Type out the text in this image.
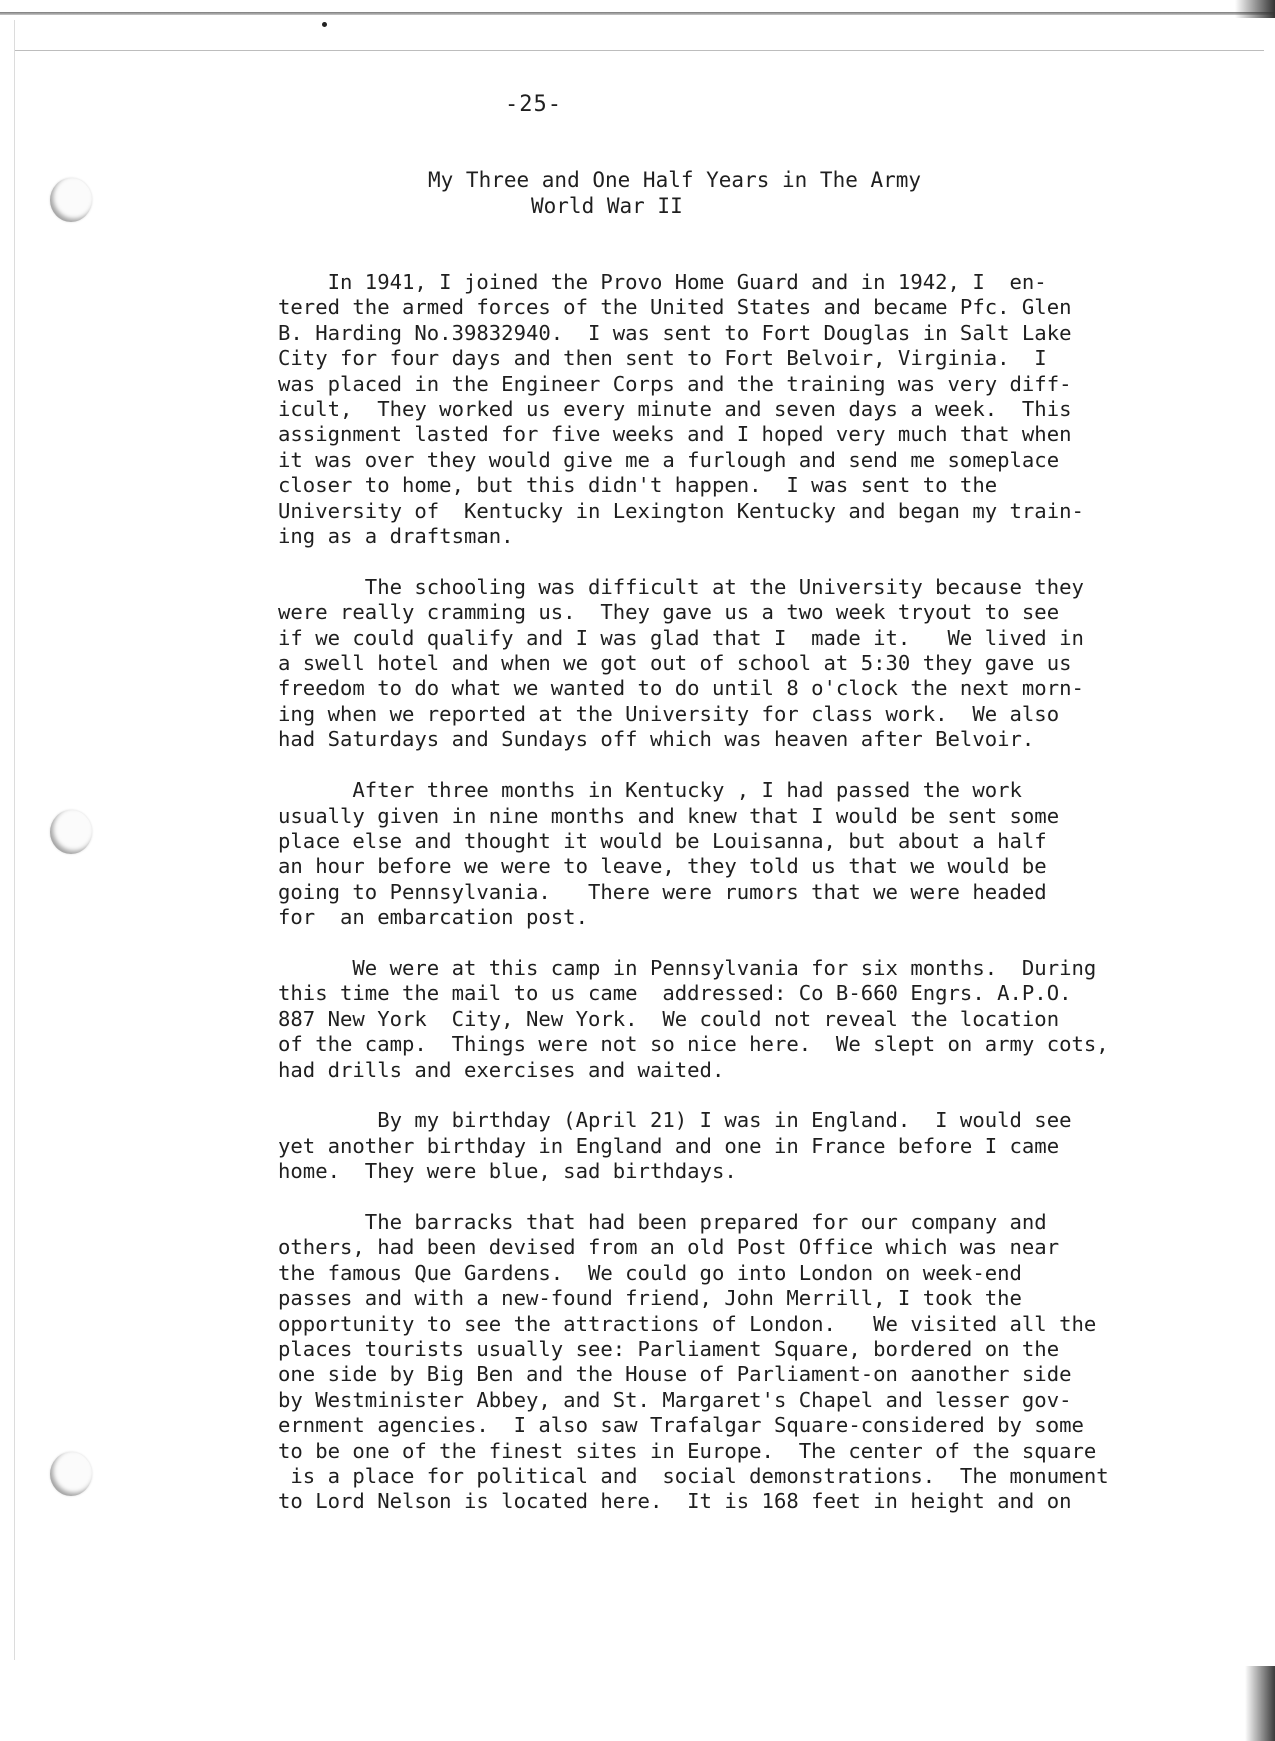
-25-
My Three and One Half Years in The Army
World War II

In 1941, I joined the Provo Home Guard and in 1942, I  en-
tered the armed forces of the United States and became Pfc. Glen
B. Harding No.39832940.  I was sent to Fort Douglas in Salt Lake
City for four days and then sent to Fort Belvoir, Virginia.  I
was placed in the Engineer Corps and the training was very diff-
icult,  They worked us every minute and seven days a week.  This
assignment lasted for five weeks and I hoped very much that when
it was over they would give me a furlough and send me someplace
closer to home, but this didn't happen.  I was sent to the
University of  Kentucky in Lexington Kentucky and began my train-
ing as a draftsman.

The schooling was difficult at the University because they
were really cramming us.  They gave us a two week tryout to see
if we could qualify and I was glad that I  made it.   We lived in
a swell hotel and when we got out of school at 5:30 they gave us
freedom to do what we wanted to do until 8 o'clock the next morn-
ing when we reported at the University for class work.  We also
had Saturdays and Sundays off which was heaven after Belvoir.

After three months in Kentucky , I had passed the work
usually given in nine months and knew that I would be sent some
place else and thought it would be Louisanna, but about a half
an hour before we were to leave, they told us that we would be
going to Pennsylvania.   There were rumors that we were headed
for  an embarcation post.

We were at this camp in Pennsylvania for six months.  During
this time the mail to us came  addressed: Co B-660 Engrs. A.P.O.
887 New York  City, New York.  We could not reveal the location
of the camp.  Things were not so nice here.  We slept on army cots,
had drills and exercises and waited.

By my birthday (April 21) I was in England.  I would see
yet another birthday in England and one in France before I came
home.  They were blue, sad birthdays.

The barracks that had been prepared for our company and
others, had been devised from an old Post Office which was near
the famous Que Gardens.  We could go into London on week-end
passes and with a new-found friend, John Merrill, I took the
opportunity to see the attractions of London.   We visited all the
places tourists usually see: Parliament Square, bordered on the
one side by Big Ben and the House of Parliament-on aanother side
by Westminister Abbey, and St. Margaret's Chapel and lesser gov-
ernment agencies.  I also saw Trafalgar Square-considered by some
to be one of the finest sites in Europe.  The center of the square
is a place for political and  social demonstrations.  The monument
to Lord Nelson is located here.  It is 168 feet in height and on
